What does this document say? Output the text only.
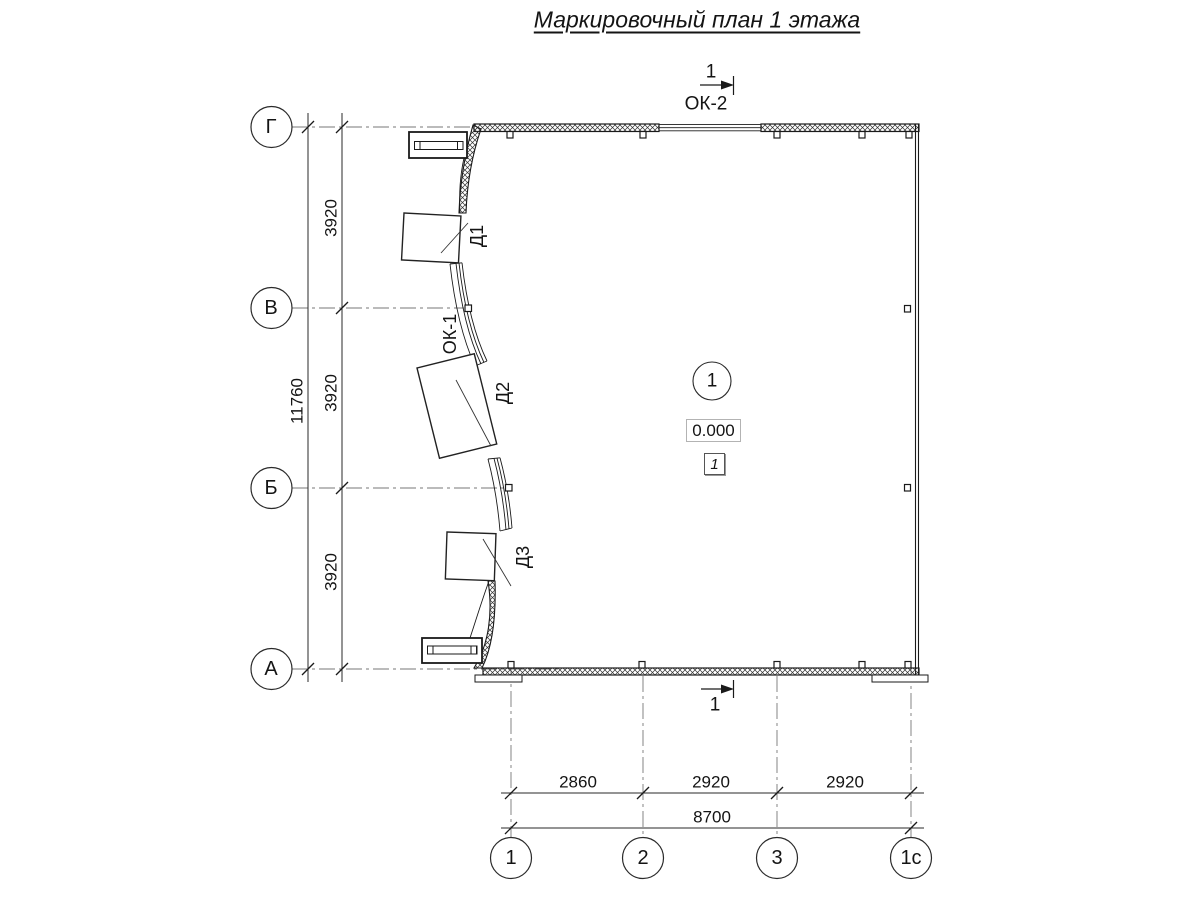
Маркировочный план 1 этажа
1
ОК-2
1
Г
В
Б
А
1	2	3	1с
3920
3920
3920
11760
2860	2920	2920
8700
Д1
Д2
Д3
ОК-1
1
0.000
1
